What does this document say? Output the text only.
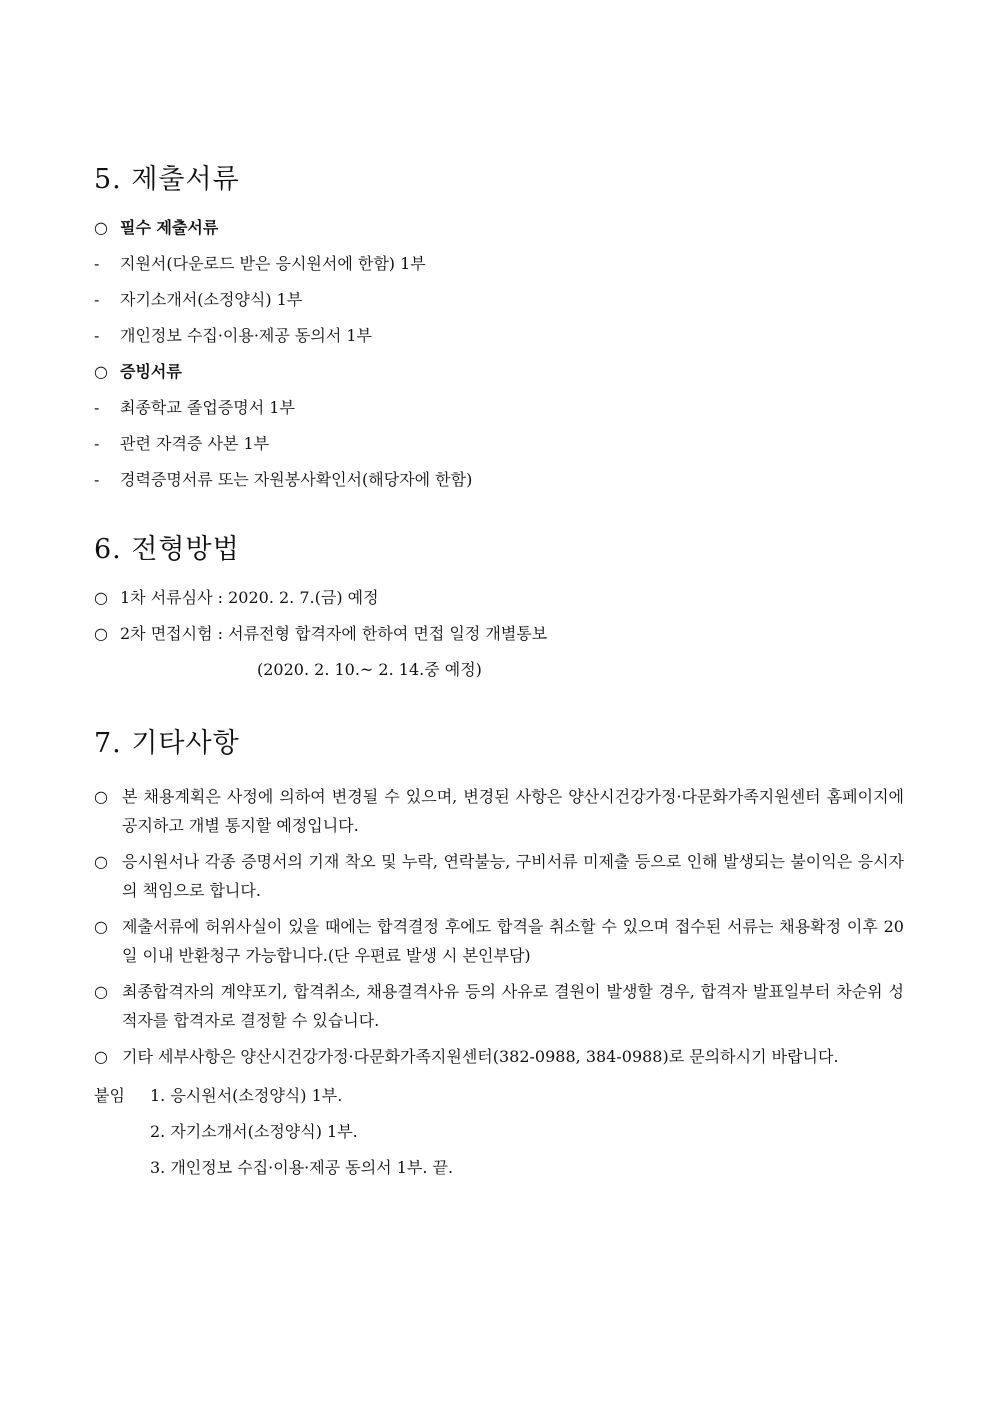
5. 제출서류
○ 필수 제출서류
- 지원서(다운로드 받은 응시원서에 한함) 1부
- 자기소개서(소정양식) 1부
- 개인정보 수집·이용·제공 동의서 1부
○ 증빙서류
- 최종학교 졸업증명서 1부
- 관련 자격증 사본 1부
- 경력증명서류 또는 자원봉사확인서(해당자에 한함)
6. 전형방법
○ 1차 서류심사 : 2020. 2. 7.(금) 예정
○ 2차 면접시험 : 서류전형 합격자에 한하여 면접 일정 개별통보
(2020. 2. 10.~ 2. 14.중 예정)
7. 기타사항
○ 본 채용계획은 사정에 의하여 변경될 수 있으며, 변경된 사항은 양산시건강가정·다문화가족지원센터 홈페이지에 공지하고 개별 통지할 예정입니다.
○ 응시원서나 각종 증명서의 기재 착오 및 누락, 연락불능, 구비서류 미제출 등으로 인해 발생되는 불이익은 응시자의 책임으로 합니다.
○ 제출서류에 허위사실이 있을 때에는 합격결정 후에도 합격을 취소할 수 있으며 접수된 서류는 채용확정 이후 20일 이내 반환청구 가능합니다.(단 우편료 발생 시 본인부담)
○ 최종합격자의 계약포기, 합격취소, 채용결격사유 등의 사유로 결원이 발생할 경우, 합격자 발표일부터 차순위 성적자를 합격자로 결정할 수 있습니다.
○ 기타 세부사항은 양산시건강가정·다문화가족지원센터(382-0988, 384-0988)로 문의하시기 바랍니다.
붙임 1. 응시원서(소정양식) 1부.
2. 자기소개서(소정양식) 1부.
3. 개인정보 수집·이용·제공 동의서 1부. 끝.
